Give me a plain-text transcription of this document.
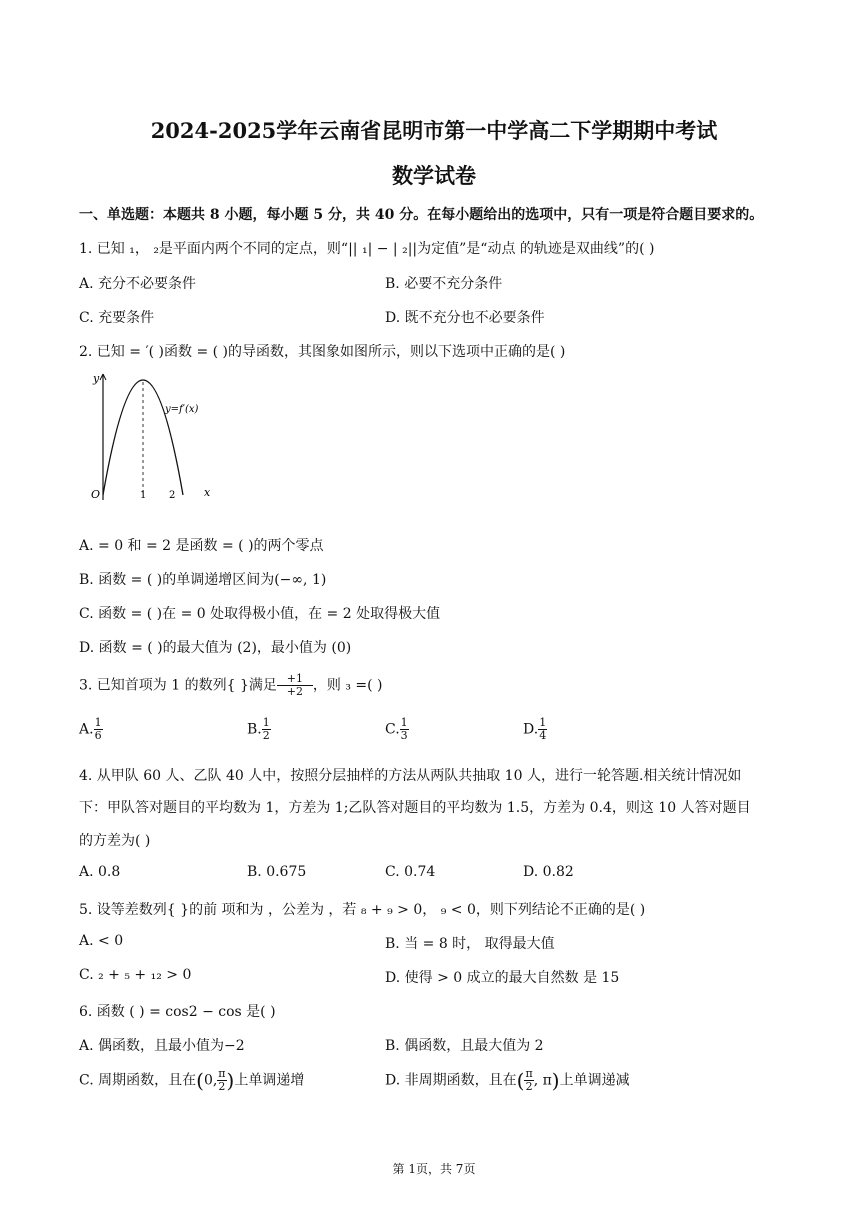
2024-2025学年云南省昆明市第一中学高二下学期期中考试
数学试卷
一、单选题：本题共 8 小题，每小题 5 分，共 40 分。在每小题给出的选项中，只有一项是符合题目要求的。
1. 已知 ₁， ₂是平面内两个不同的定点，则“|| ₁| − | ₂||为定值”是“动点 的轨迹是双曲线”的( )
A. 充分不必要条件	B. 必要不充分条件
C. 充要条件	D. 既不充分也不必要条件
2. 已知 = ′( )函数 = ( )的导函数，其图象如图所示，则以下选项中正确的是( )
y
O	1 2	x
y=f′(x)
A. = 0 和 = 2 是函数 = ( )的两个零点
B. 函数 = ( )的单调递增区间为(−∞, 1)
C. 函数 = ( )在 = 0 处取得极小值，在 = 2 处取得极大值
D. 函数 = ( )的最大值为 (2)，最小值为 (0)
3. 已知首项为 1 的数列{ }满足 $\frac{+1}{+2}$ ，则 ₃ =( )
A. $\frac{1}{6}$	B. $\frac{1}{2}$	C. $\frac{1}{3}$	D. $\frac{1}{4}$
4. 从甲队 60 人、乙队 40 人中，按照分层抽样的方法从两队共抽取 10 人，进行一轮答题.相关统计情况如
下：甲队答对题目的平均数为 1，方差为 1;乙队答对题目的平均数为 1.5，方差为 0.4，则这 10 人答对题目
的方差为( )
A. 0.8	B. 0.675	C. 0.74	D. 0.82
5. 设等差数列{ }的前 项和为 ，公差为 ，若 ₈ + ₉ > 0， ₉ < 0，则下列结论不正确的是( )
A. < 0	B. 当 = 8 时， 取得最大值
C. ₂ + ₅ + ₁₂ > 0	D. 使得 > 0 成立的最大自然数 是 15
6. 函数 ( ) = cos2 − cos 是( )
A. 偶函数，且最小值为−2	B. 偶函数，且最大值为 2
C. 周期函数，且在(0, $\frac{\pi}{2}$ )上单调递增	D. 非周期函数，且在( $\frac{\pi}{2}$ , π)上单调递减
第 1页，共 7页
